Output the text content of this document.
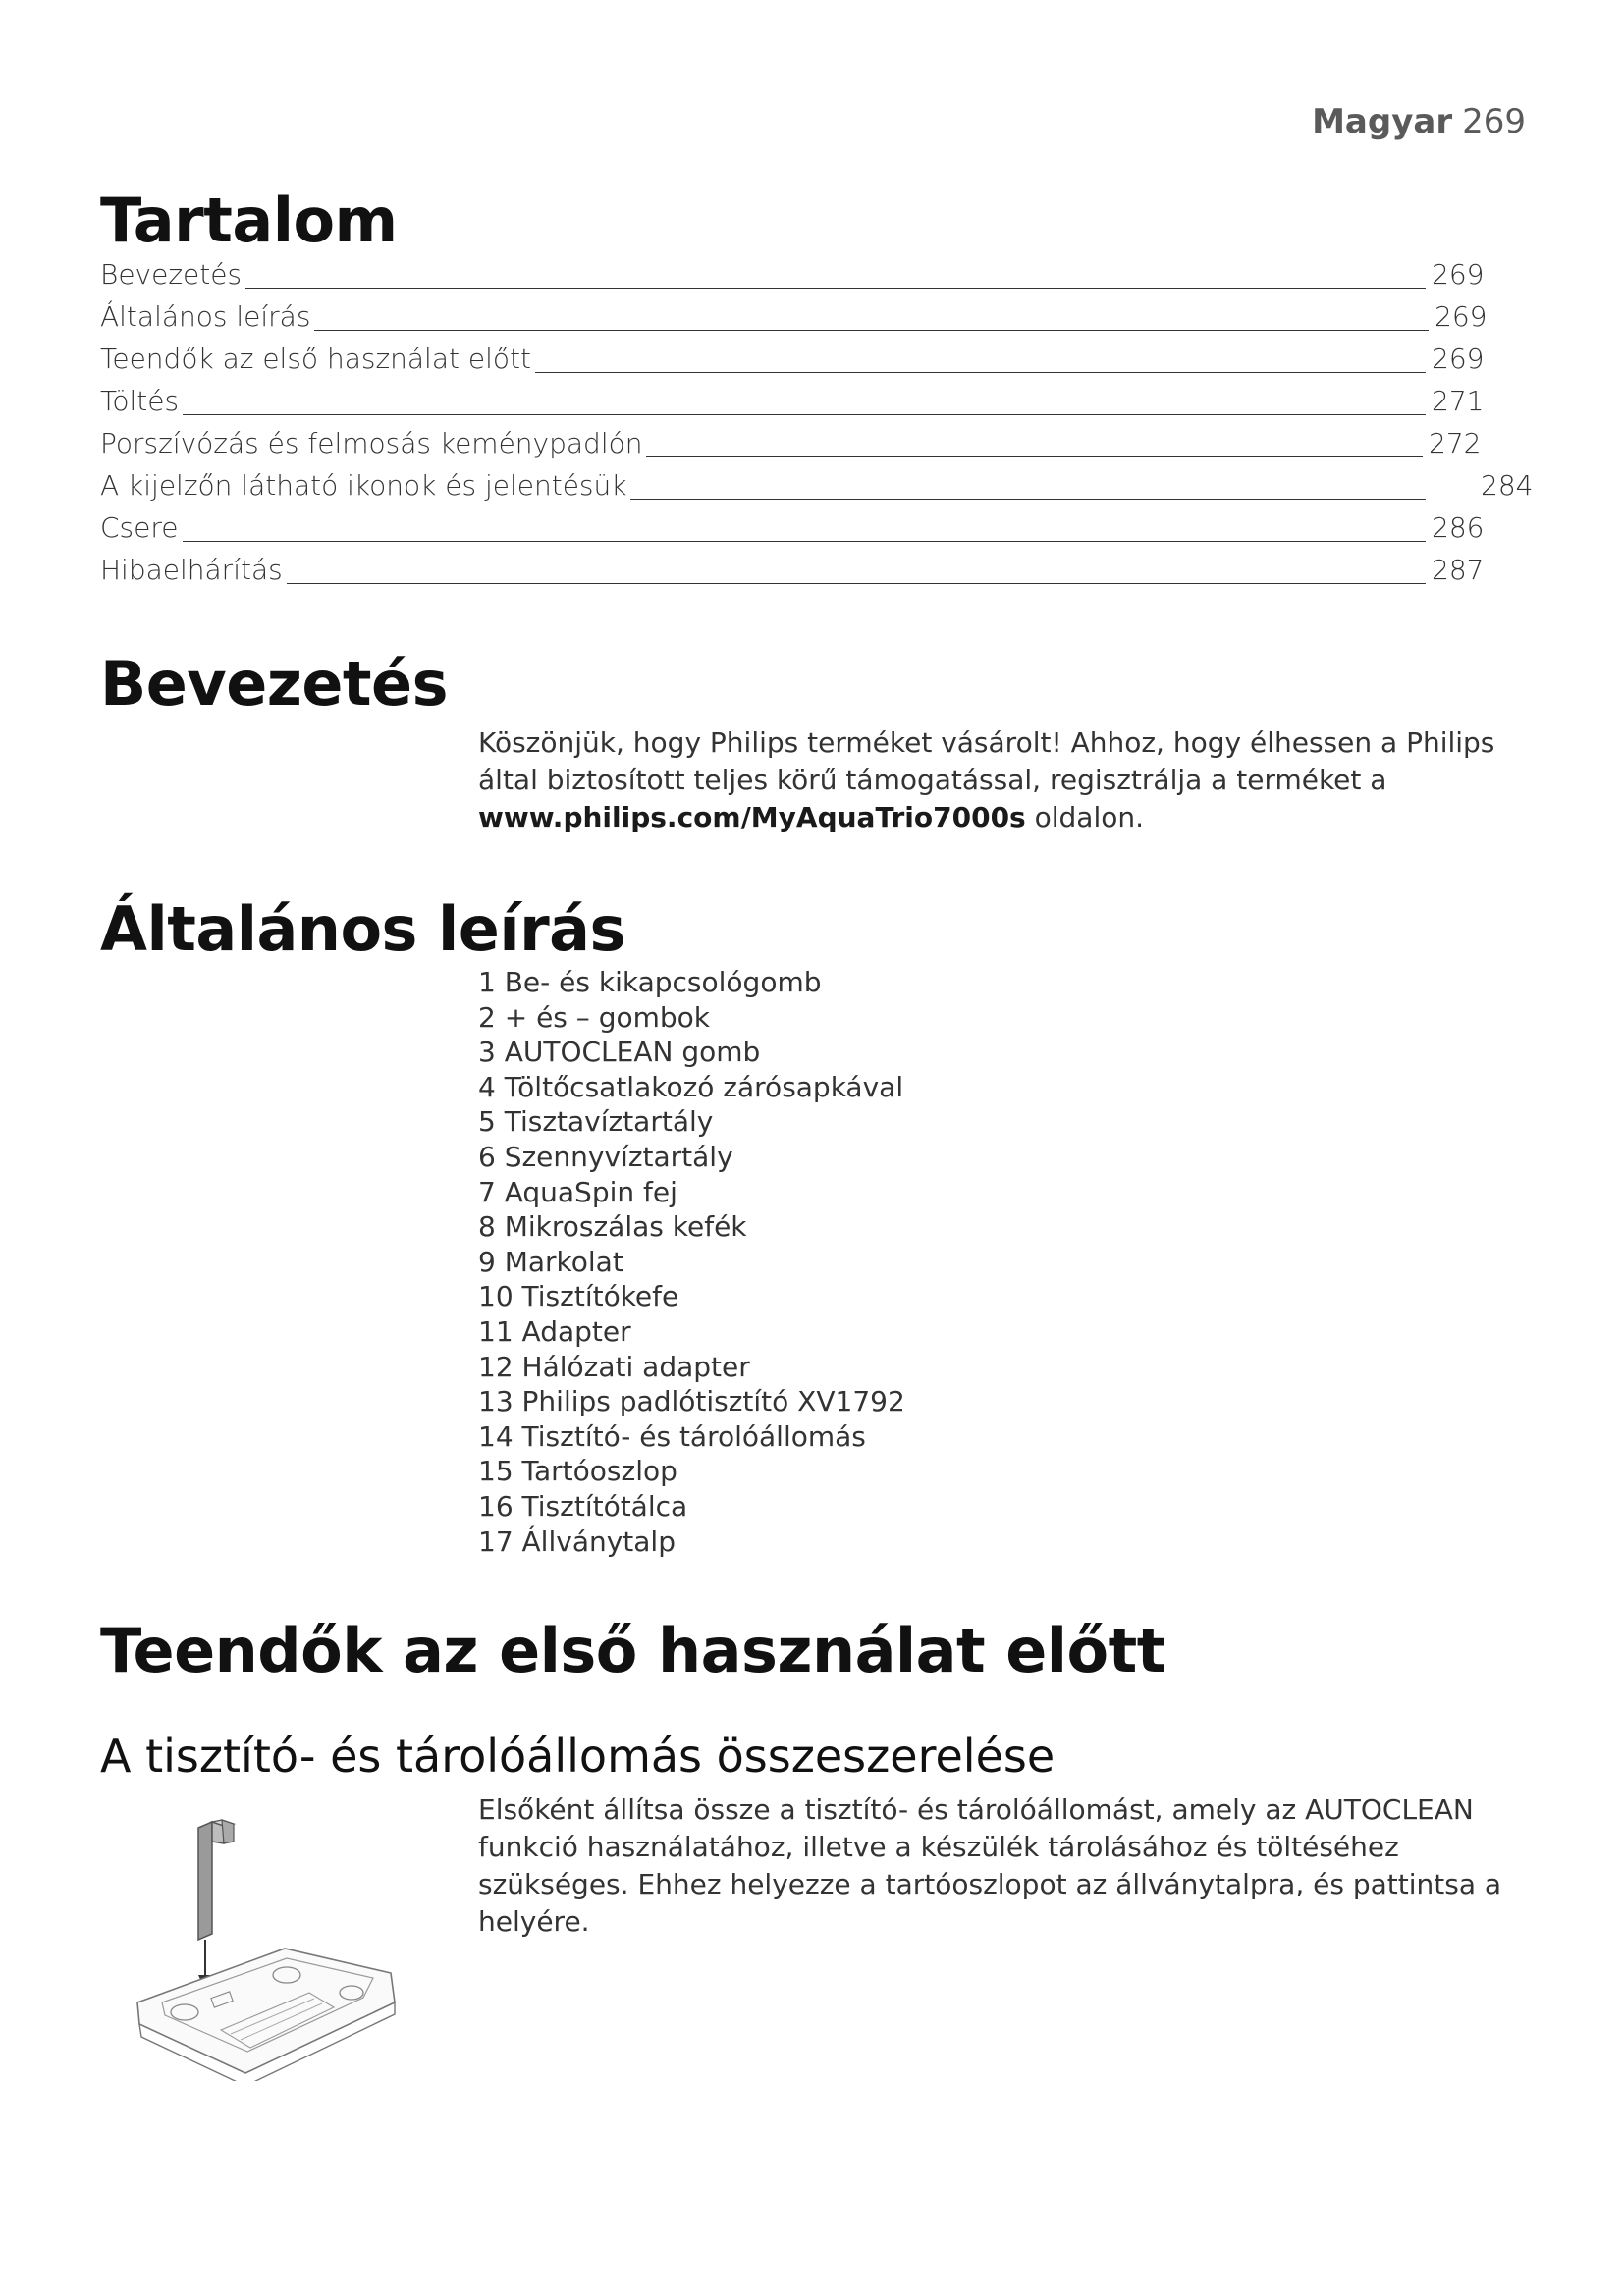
Magyar 269
Tartalom
Bevezetés	269
Általános leírás	269
Teendők az első használat előtt	269
Töltés	271
Porszívózás és felmosás keménypadlón	272
A kijelzőn látható ikonok és jelentésük	284
Csere	286
Hibaelhárítás	287
Bevezetés

Köszönjük, hogy Philips terméket vásárolt! Ahhoz, hogy élhessen a Philips által biztosított teljes körű támogatással, regisztrálja a terméket a www.philips.com/MyAquaTrio7000s oldalon.

Általános leírás
1 Be- és kikapcsológomb
2 + és – gombok
3 AUTOCLEAN gomb
4 Töltőcsatlakozó zárósapkával
5 Tisztavíztartály
6 Szennyvíztartály
7 AquaSpin fej
8 Mikroszálas kefék
9 Markolat
10 Tisztítókefe
11 Adapter
12 Hálózati adapter
13 Philips padlótisztító XV1792
14 Tisztító- és tárolóállomás
15 Tartóoszlop
16 Tisztítótálca
17 Állványtalp
Teendők az első használat előtt
A tisztító- és tárolóállomás összeszerelése

Elsőként állítsa össze a tisztító- és tárolóállomást, amely az AUTOCLEAN funkció használatához, illetve a készülék tárolásához és töltéséhez szükséges. Ehhez helyezze a tartóoszlopot az állványtalpra, és pattintsa a helyére.
